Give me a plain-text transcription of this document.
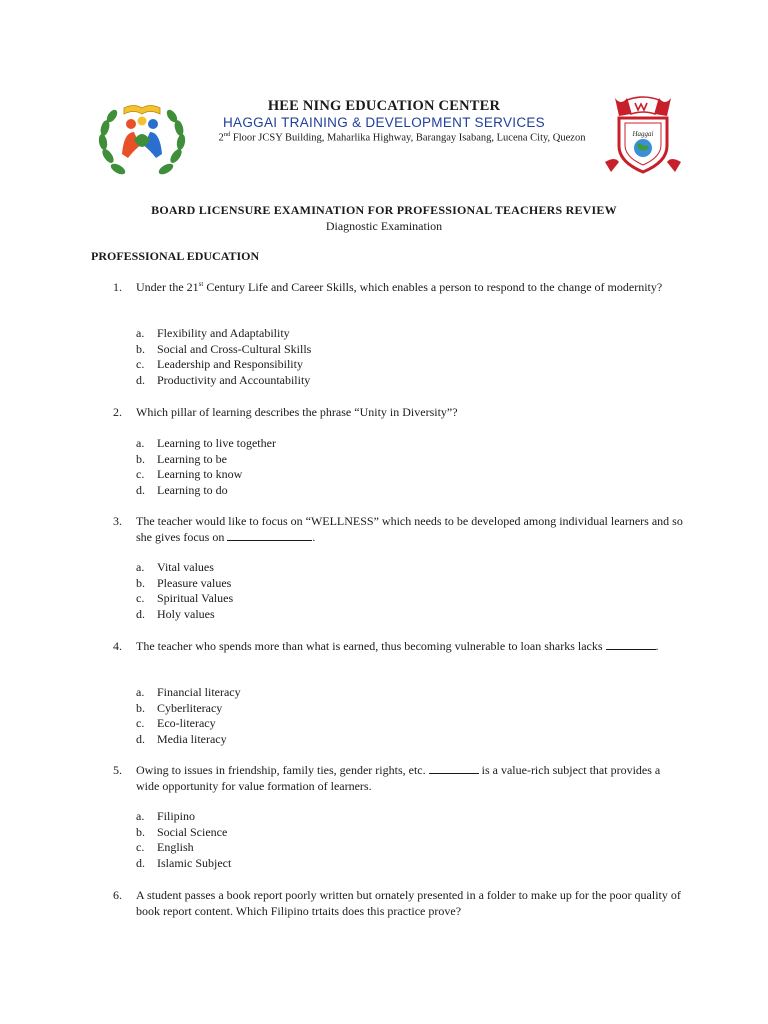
Haggai
HEE NING EDUCATION CENTER
HAGGAI TRAINING & DEVELOPMENT SERVICES
2nd Floor JCSY Building, Maharlika Highway, Barangay Isabang, Lucena City, Quezon
BOARD LICENSURE EXAMINATION FOR PROFESSIONAL TEACHERS REVIEW
Diagnostic Examination
PROFESSIONAL EDUCATION
1. Under the 21st Century Life and Career Skills, which enables a person to respond to the change of modernity?
a. Flexibility and Adaptability
b. Social and Cross-Cultural Skills
c. Leadership and Responsibility
d. Productivity and Accountability
2. Which pillar of learning describes the phrase “Unity in Diversity”?
a. Learning to live together
b. Learning to be
c. Learning to know
d. Learning to do
3. The teacher would like to focus on “WELLNESS” which needs to be developed among individual learners and so she gives focus on	.
a. Vital values
b. Pleasure values
c. Spiritual Values
d. Holy values
4. The teacher who spends more than what is earned, thus becoming vulnerable to loan sharks lacks	.
a. Financial literacy
b. Cyberliteracy
c. Eco-literacy
d. Media literacy
5. Owing to issues in friendship, family ties, gender rights, etc.	is a value-rich subject that provides a wide opportunity for value formation of learners.
a. Filipino
b. Social Science
c. English
d. Islamic Subject
6. A student passes a book report poorly written but ornately presented in a folder to make up for the poor quality of book report content. Which Filipino trtaits does this practice prove?
